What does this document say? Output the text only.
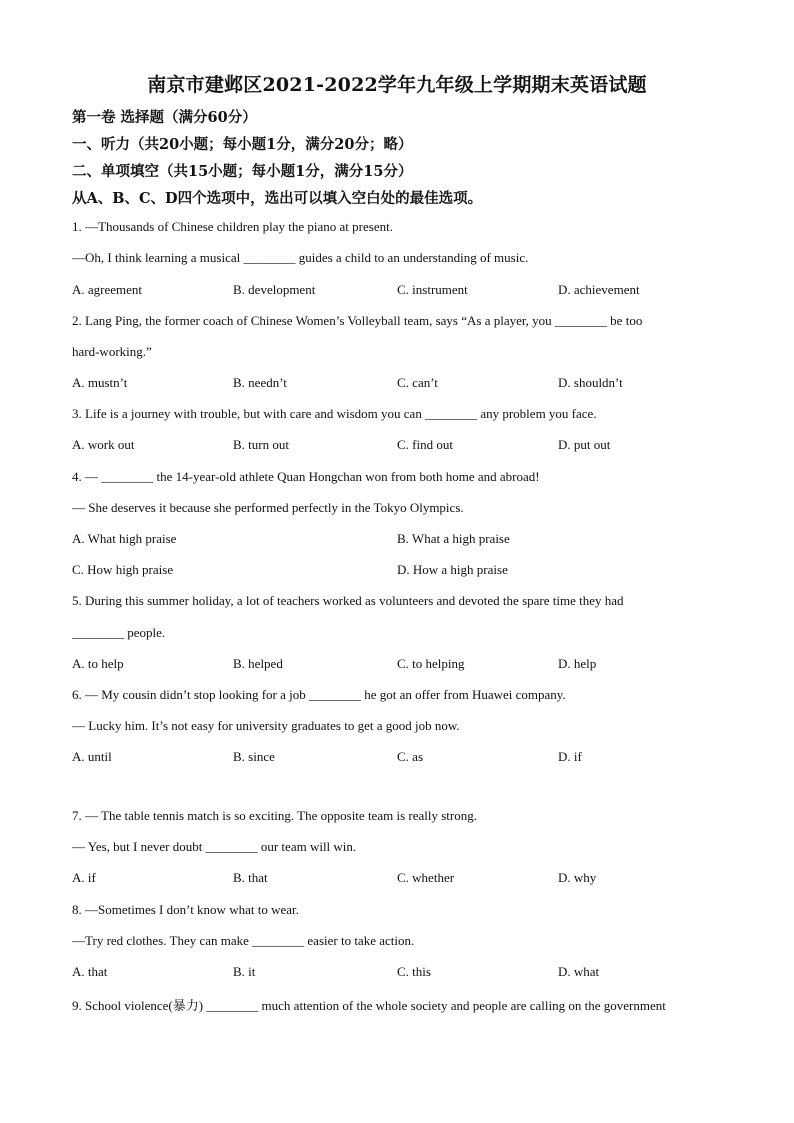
南京市建邺区2021-2022学年九年级上学期期末英语试题
第一卷 选择题（满分60分）
一、听力（共20小题；每小题1分，满分20分；略）
二、单项填空（共15小题；每小题1分，满分15分）
从A、B、C、D四个选项中，选出可以填入空白处的最佳选项。
1. —Thousands of Chinese children play the piano at present.
—Oh, I think learning a musical ________ guides a child to an understanding of music.
A. agreement	B. development	C. instrument	D. achievement
2. Lang Ping, the former coach of Chinese Women’s Volleyball team, says “As a player, you ________ be too
hard-working.”
A. mustn’t	B. needn’t	C. can’t	D. shouldn’t
3. Life is a journey with trouble, but with care and wisdom you can ________ any problem you face.
A. work out	B. turn out	C. find out	D. put out
4. — ________ the 14-year-old athlete Quan Hongchan won from both home and abroad!
— She deserves it because she performed perfectly in the Tokyo Olympics.
A. What high praise	B. What a high praise
C. How high praise	D. How a high praise
5. During this summer holiday, a lot of teachers worked as volunteers and devoted the spare time they had
________ people.
A. to help	B. helped	C. to helping	D. help
6. — My cousin didn’t stop looking for a job ________ he got an offer from Huawei company.
— Lucky him. It’s not easy for university graduates to get a good job now.
A. until	B. since	C. as	D. if
7. — The table tennis match is so exciting. The opposite team is really strong.
— Yes, but I never doubt ________ our team will win.
A. if	B. that	C. whether	D. why
8. —Sometimes I don’t know what to wear.
—Try red clothes. They can make ________ easier to take action.
A. that	B. it	C. this	D. what
9. School violence(暴力) ________ much attention of the whole society and people are calling on the government
